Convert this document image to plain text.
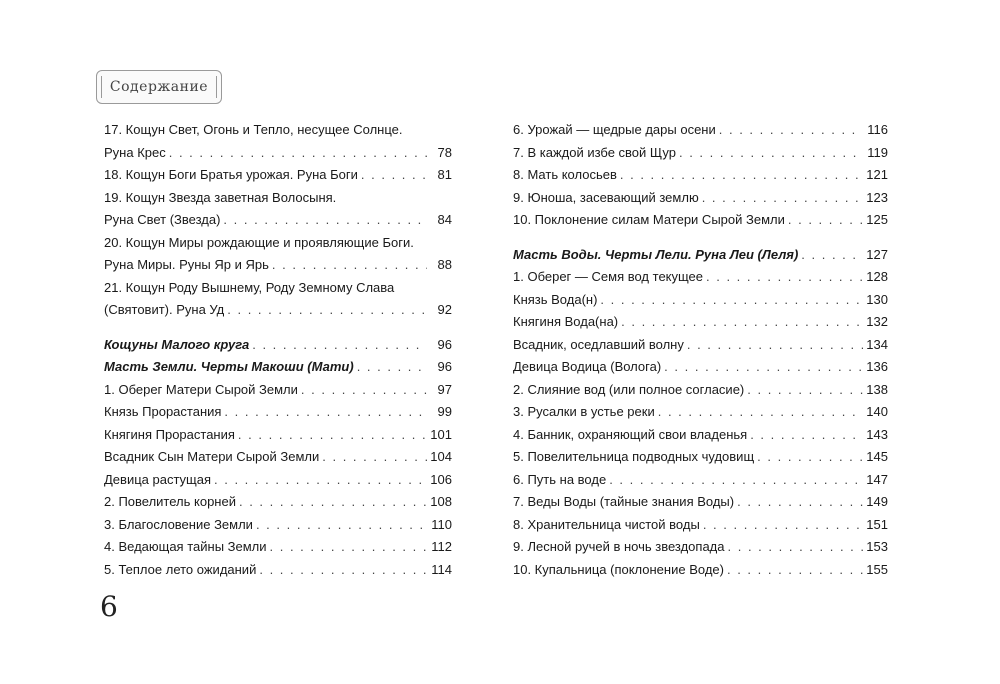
Содержание
17. Кощун Свет, Огонь и Тепло, несущее Солнце.
Руна Крес . . .	78
18. Кощун Боги Братья урожая. Руна Боги . . .	81
19. Кощун Звезда заветная Волосыня.
Руна Свет (Звезда) . . .	84
20. Кощун Миры рождающие и проявляющие Боги.
Руна Миры. Руны Яр и Ярь . . .	88
21. Кощун Роду Вышнему, Роду Земному Слава
(Святовит). Руна Уд . . .	92
Кощуны Малого круга . . .	96
Масть Земли. Черты Макоши (Мати) . . .	96
1. Оберег Матери Сырой Земли . . .	97
Князь Прорастания . . .	99
Княгиня Прорастания . . .	101
Всадник Сын Матери Сырой Земли . . .	104
Девица растущая . . .	106
2. Повелитель корней . . .	108
3. Благословение Земли . . .	110
4. Ведающая тайны Земли . . .	112
5. Теплое лето ожиданий . . .	114
6. Урожай — щедрые дары осени . . .	116
7. В каждой избе свой Щур . . .	119
8. Мать колосьев . . .	121
9. Юноша, засевающий землю . . .	123
10. Поклонение силам Матери Сырой Земли . . .	125
Масть Воды. Черты Лели. Руна Леи (Леля) . . .	127
1. Оберег — Семя вод текущее . . .	128
Князь Вода(н) . . .	130
Княгиня Вода(на) . . .	132
Всадник, оседлавший волну . . .	134
Девица Водица (Волога) . . .	136
2. Слияние вод (или полное согласие) . . .	138
3. Русалки в устье реки . . .	140
4. Банник, охраняющий свои владенья . . .	143
5. Повелительница подводных чудовищ . . .	145
6. Путь на воде . . .	147
7. Веды Воды (тайные знания Воды) . . .	149
8. Хранительница чистой воды . . .	151
9. Лесной ручей в ночь звездопада . . .	153
10. Купальница (поклонение Воде) . . .	155
6
